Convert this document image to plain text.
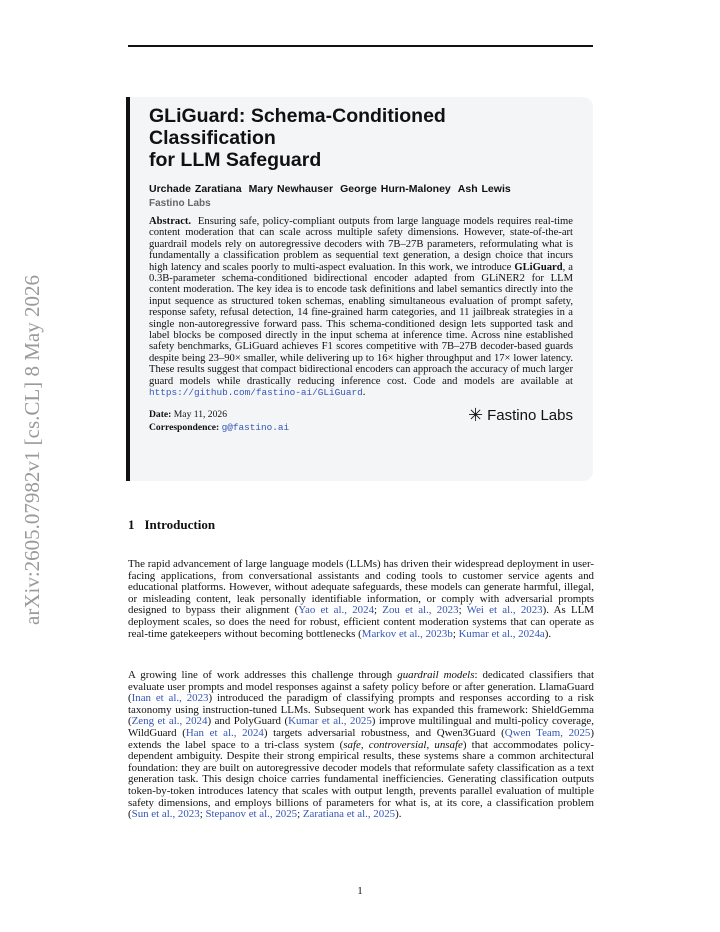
arXiv:2605.07982v1 [cs.CL] 8 May 2026
GLiGuard: Schema-Conditioned Classification
for LLM Safeguard

Urchade Zaratiana Mary Newhauser George Hurn-Maloney Ash Lewis

Fastino Labs

Abstract. Ensuring safe, policy-compliant outputs from large language models requires real-time content moderation that can scale across multiple safety dimensions. However, state-of-the-art guardrail models rely on autoregressive decoders with 7B–27B parameters, reformulating what is fundamentally a classification problem as sequential text generation, a design choice that incurs high latency and scales poorly to multi-aspect evaluation. In this work, we introduce GLiGuard, a 0.3B-parameter schema-conditioned bidirectional encoder adapted from GLiNER2 for LLM content moderation. The key idea is to encode task definitions and label semantics directly into the input sequence as structured token schemas, enabling simultaneous evaluation of prompt safety, response safety, refusal detection, 14 fine-grained harm categories, and 11 jailbreak strategies in a single non-autoregressive forward pass. This schema-conditioned design lets supported task and label blocks be composed directly in the input schema at inference time. Across nine established safety benchmarks, GLiGuard achieves F1 scores competitive with 7B–27B decoder-based guards despite being 23–90× smaller, while delivering up to 16× higher throughput and 17× lower latency. These results suggest that compact bidirectional encoders can approach the accuracy of much larger guard models while drastically reducing inference cost. Code and models are available at https://github.com/fastino-ai/GLiGuard.

Date: May 11, 2026
Correspondence: g@fastino.ai
✳ Fastino Labs
1 Introduction

The rapid advancement of large language models (LLMs) has driven their widespread deployment in user-facing applications, from conversational assistants and coding tools to customer service agents and educational platforms. However, without adequate safeguards, these models can generate harmful, illegal, or misleading content, leak personally identifiable information, or comply with adversarial prompts designed to bypass their alignment (Yao et al., 2024; Zou et al., 2023; Wei et al., 2023). As LLM deployment scales, so does the need for robust, efficient content moderation systems that can operate as real-time gatekeepers without becoming bottlenecks (Markov et al., 2023b; Kumar et al., 2024a).

A growing line of work addresses this challenge through guardrail models: dedicated classifiers that evaluate user prompts and model responses against a safety policy before or after generation. LlamaGuard (Inan et al., 2023) introduced the paradigm of classifying prompts and responses according to a risk taxonomy using instruction-tuned LLMs. Subsequent work has expanded this framework: ShieldGemma (Zeng et al., 2024) and PolyGuard (Kumar et al., 2025) improve multilingual and multi-policy coverage, WildGuard (Han et al., 2024) targets adversarial robustness, and Qwen3Guard (Qwen Team, 2025) extends the label space to a tri-class system (safe, controversial, unsafe) that accommodates policy-dependent ambiguity. Despite their strong empirical results, these systems share a common architectural foundation: they are built on autoregressive decoder models that reformulate safety classification as a text generation task. This design choice carries fundamental inefficiencies. Generating classification outputs token-by-token introduces latency that scales with output length, prevents parallel evaluation of multiple safety dimensions, and employs billions of parameters for what is, at its core, a classification problem (Sun et al., 2023; Stepanov et al., 2025; Zaratiana et al., 2025).

1
